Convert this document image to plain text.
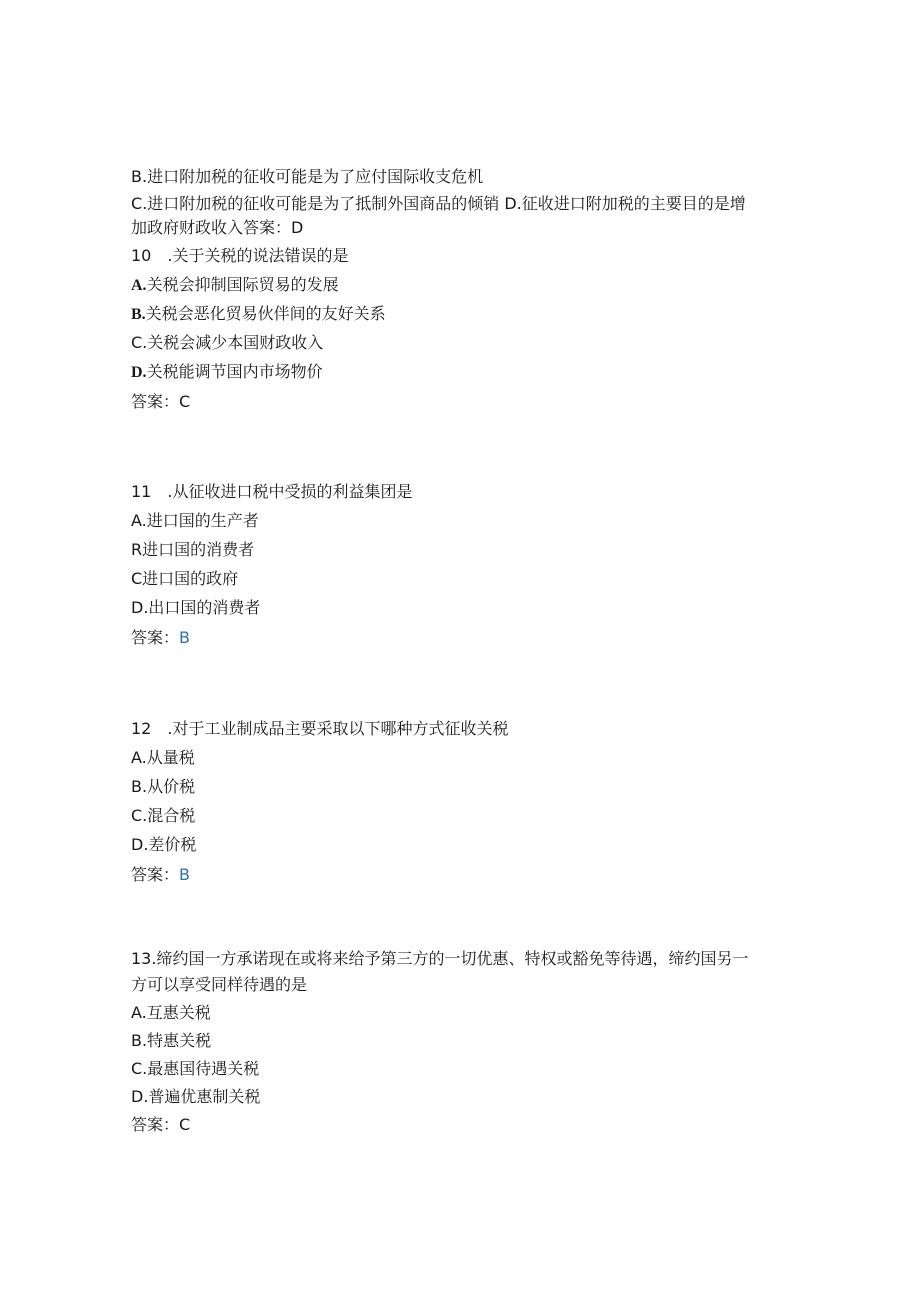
B.进口附加税的征收可能是为了应付国际收支危机
C.进口附加税的征收可能是为了抵制外国商品的倾销 D.征收进口附加税的主要目的是增
加政府财政收入答案：D
10　.关于关税的说法错误的是
A.关税会抑制国际贸易的发展
B.关税会恶化贸易伙伴间的友好关系
C.关税会减少本国财政收入
D.关税能调节国内市场物价
答案：C
11　.从征收进口税中受损的利益集团是
A.进口国的生产者
R进口国的消费者
C进口国的政府
D.出口国的消费者
答案：B
12　.对于工业制成品主要采取以下哪种方式征收关税
A.从量税
B.从价税
C.混合税
D.差价税
答案：B
13.缔约国一方承诺现在或将来给予第三方的一切优惠、特权或豁免等待遇，缔约国另一
方可以享受同样待遇的是
A.互惠关税
B.特惠关税
C.最惠国待遇关税
D.普遍优惠制关税
答案：C
